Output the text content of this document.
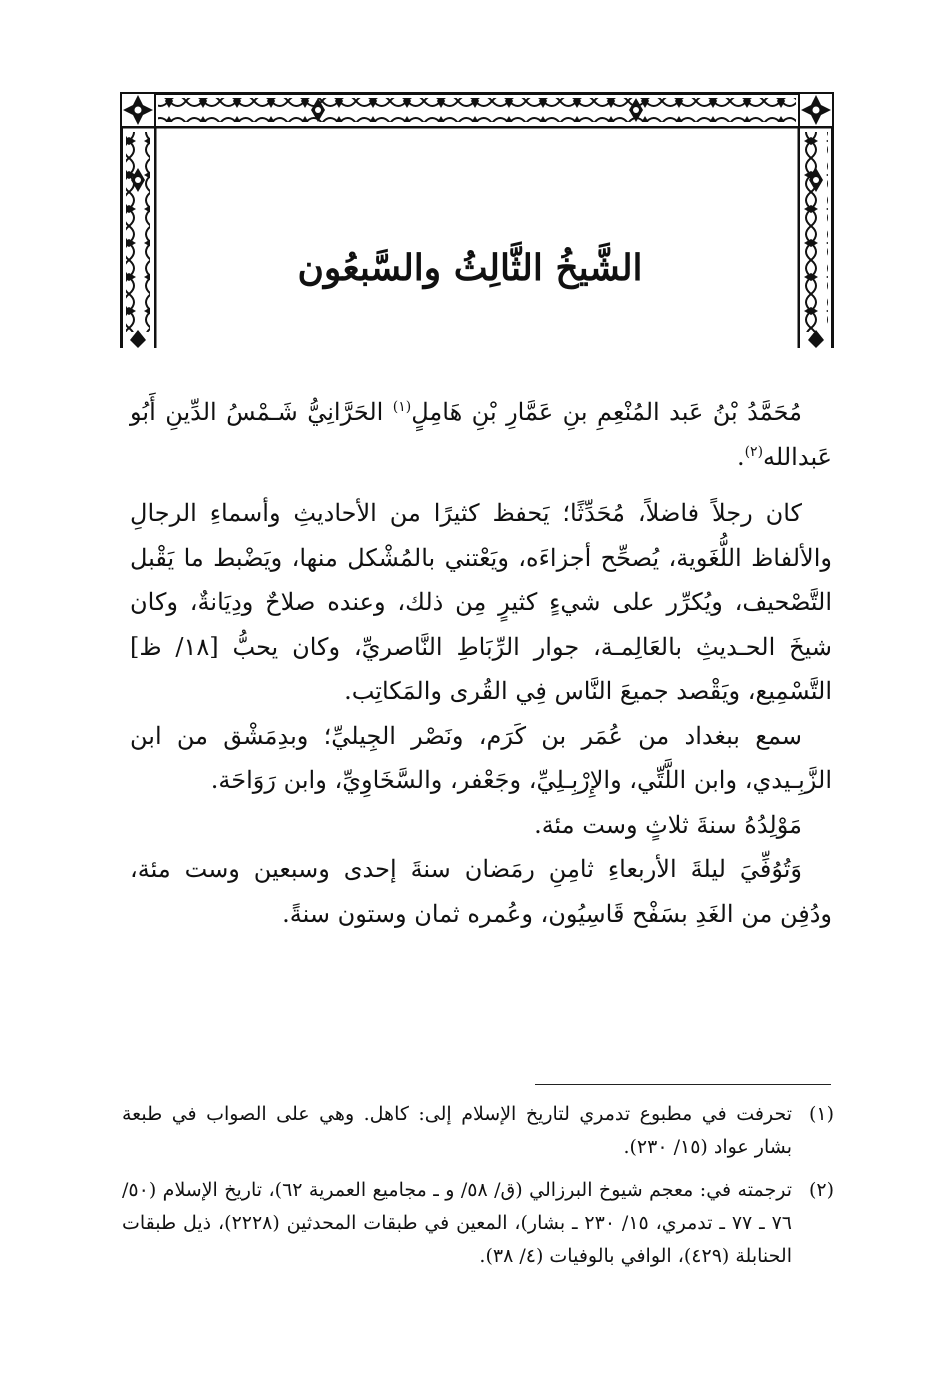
الشَّيخُ الثَّالِثُ والسَّبعُون

مُحَمَّدُ بْنُ عَبد المُنْعِمِ بنِ عَمَّارِ بْنِ هَامِلٍ$^{(١)}$ الحَرَّانِيُّ شَـمْسُ الدِّينِ أَبُو عَبدالله$^{(٢)}$.

كان رجلاً فاضلاً، مُحَدِّثًا؛ يَحفظ كثيرًا من الأحاديثِ وأسماءِ الرجالِ والألفاظ اللُّغَوية، يُصحِّح أجزاءَه، ويَعْتني بالمُشْكل منها، ويَضْبط ما يَقْبل التَّصْحيف، ويُكرِّر على شيءٍ كثيرٍ مِن ذلك، وعنده صلاحٌ ودِيَانةٌ، وكان شيخَ الحـديثِ بالعَالِمـة، جوار الرِّبَاطِ النَّاصريِّ، وكان يحبُّ [١٨/ ظ] التَّسْمِيع، ويَقْصد جميعَ النَّاس فِي القُرى والمَكاتِب.

سمع ببغداد من عُمَر بن كَرَم، ونَصْر الجِيليِّ؛ وبدِمَشْق من ابن الزَّبِـيدي، وابن اللَّتِّي، والإِرْبِـلِيِّ، وجَعْفر، والسَّخَاوِيِّ، وابن رَوَاحَة.

مَوْلِدُهُ سنةَ ثلاثٍ وست مئة.

وَتُوُفِّيَ ليلةَ الأربعاءِ ثامِنِ رمَضان سنةَ إحدى وسبعين وست مئة، ودُفِن من الغَدِ بسَفْح قَاسِيُون، وعُمره ثمان وستون سنةً.

(١)
تحرفت في مطبوع تدمري لتاريخ الإسلام إلى: كاهل. وهي على الصواب في طبعة بشار عواد (١٥/ ٢٣٠).
(٢)
ترجمته في: معجم شيوخ البرزالي (ق/ ٥٨/ و ـ مجاميع العمرية ٦٢)، تاريخ الإسلام (٥٠/ ٧٦ ـ ٧٧ ـ تدمري، ١٥/ ٢٣٠ ـ بشار)، المعين في طبقات المحدثين (٢٢٢٨)، ذيل طبقات الحنابلة (٤٢٩)، الوافي بالوفيات (٤/ ٣٨).
